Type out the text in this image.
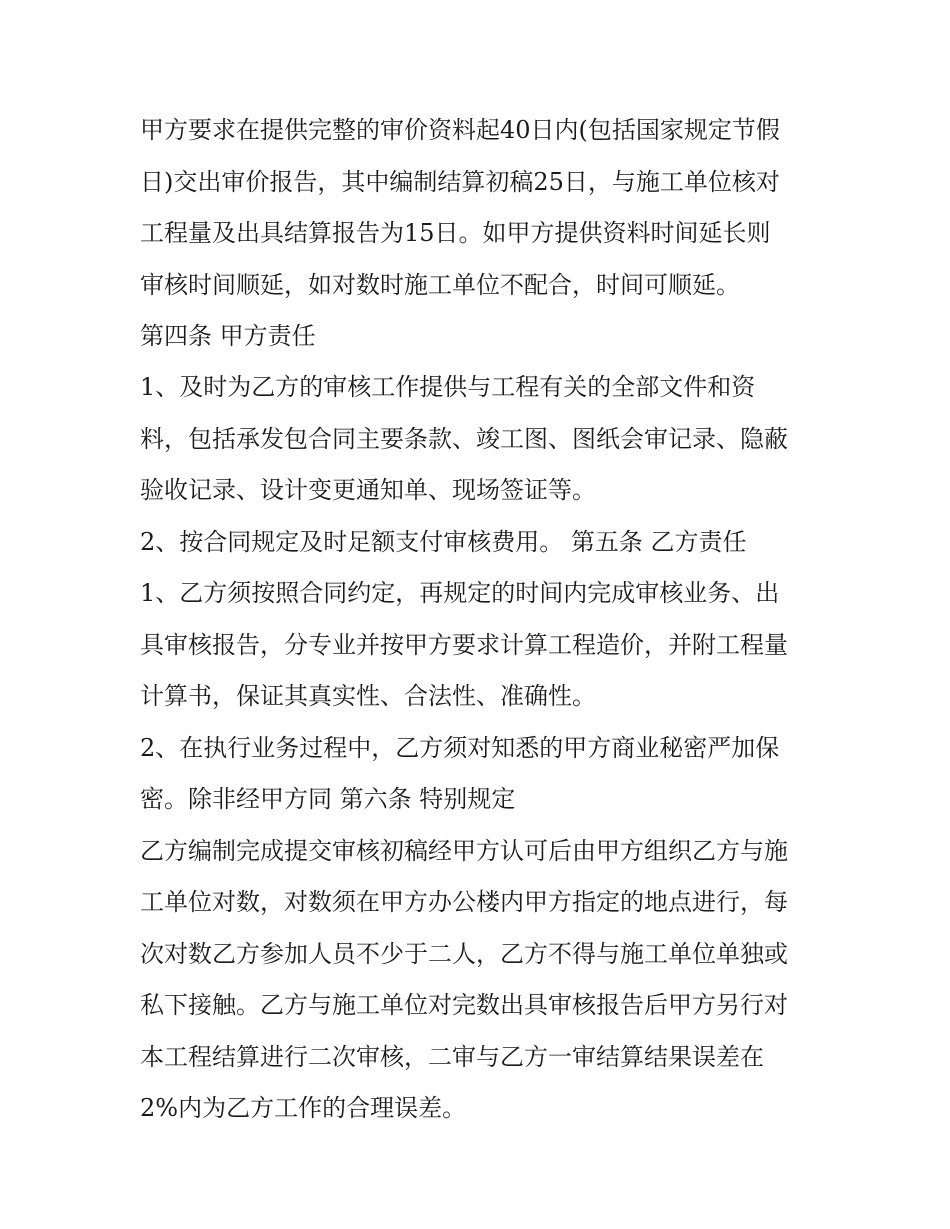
甲方要求在提供完整的审价资料起40日内(包括国家规定节假
日)交出审价报告，其中编制结算初稿25日，与施工单位核对
工程量及出具结算报告为15日。如甲方提供资料时间延长则
审核时间顺延，如对数时施工单位不配合，时间可顺延。
第四条 甲方责任
1、及时为乙方的审核工作提供与工程有关的全部文件和资
料，包括承发包合同主要条款、竣工图、图纸会审记录、隐蔽
验收记录、设计变更通知单、现场签证等。
2、按合同规定及时足额支付审核费用。 第五条 乙方责任
1、乙方须按照合同约定，再规定的时间内完成审核业务、出
具审核报告，分专业并按甲方要求计算工程造价，并附工程量
计算书，保证其真实性、合法性、准确性。
2、在执行业务过程中，乙方须对知悉的甲方商业秘密严加保
密。除非经甲方同 第六条 特别规定
乙方编制完成提交审核初稿经甲方认可后由甲方组织乙方与施
工单位对数，对数须在甲方办公楼内甲方指定的地点进行，每
次对数乙方参加人员不少于二人，乙方不得与施工单位单独或
私下接触。乙方与施工单位对完数出具审核报告后甲方另行对
本工程结算进行二次审核，二审与乙方一审结算结果误差在
2%内为乙方工作的合理误差。
